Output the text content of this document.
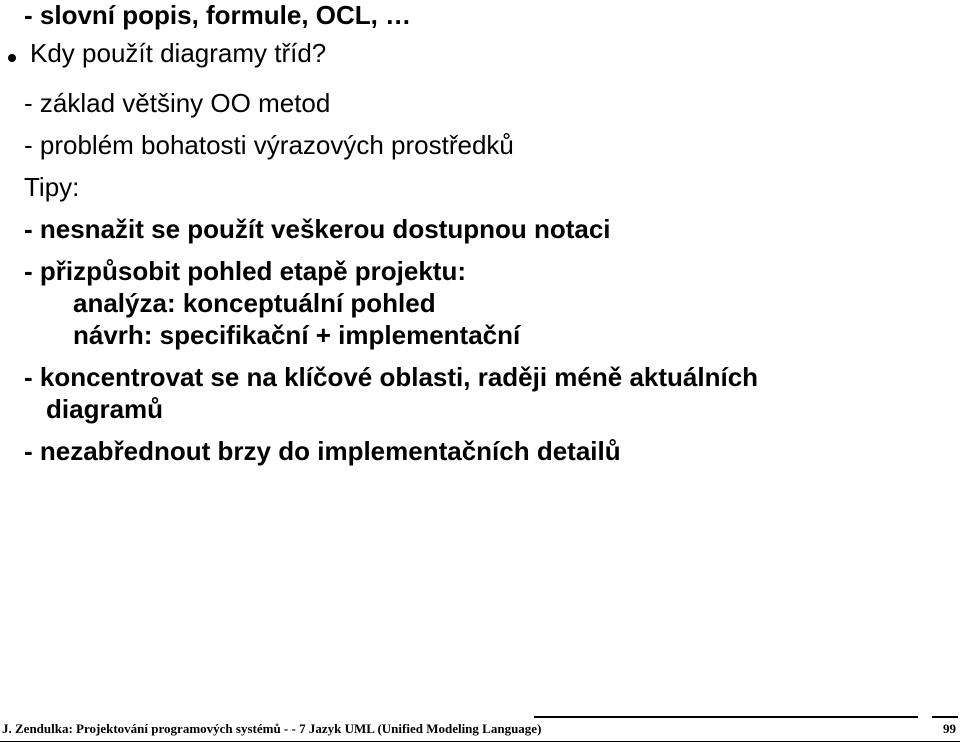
- slovní popis, formule, OCL, …
Kdy použít diagramy tříd?
- základ většiny OO metod
- problém bohatosti výrazových prostředků
Tipy:
- nesnažit se použít veškerou dostupnou notaci
- přizpůsobit pohled etapě projektu:
analýza: konceptuální pohled
návrh: specifikační + implementační
- koncentrovat se na klíčové oblasti, raději méně aktuálních
diagramů
- nezabřednout brzy do implementačních detailů
J. Zendulka: Projektování programových systémů - - 7 Jazyk UML (Unified Modeling Language)	99
